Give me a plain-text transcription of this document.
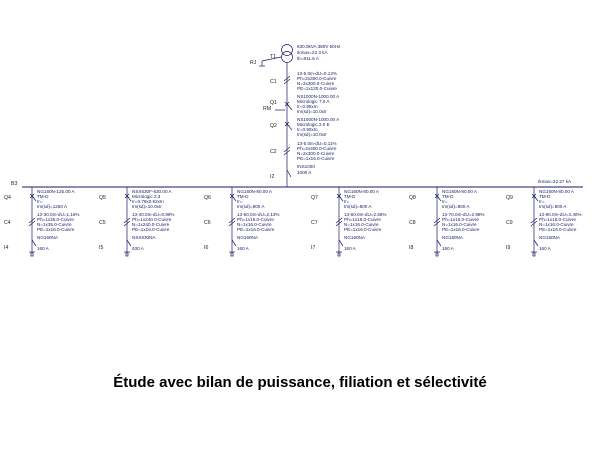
T1
RJ
630.0kVA 380V 50Hz
Ikmax=23.3 kA
Ib=911.5 A
C1
13-5.0m-dU=0.12%
Ph=2x300.0-Cuivre
N=2x300.0-Cuivre
PE=1x120.0-Cuivre
Q1
RM
NS1000N-1000.00 A
Micrologic 7.0 A
Ir=0.95xIn
Im(sd)=10.0xIr
Q2
NS1000N-1000.00 A
Micrologic 2.0 E
Ir=0.90xIn
Im(sd)=10.0xIr
C2
13-5.0m-dU=0.11%
Ph=2x300.0-Cuivre
N=2x300.0-Cuivre
PE=1x16.0-Cuivre
I2
INS1000
1000 A
B3	Ikmax=22.27 kA
Q4
C4
I4
NG160N-125.00 A
TM-D
Ir=
Im(sd)=1250 A
13-30.0m-dU=1.16%
Ph=1x35.0-Cuivre
N=1x35.0-Cuivre
PE=1x16.0-Cuivre
NG160NA
160 A
Q5
C5
I5
NSX630F-630.00 A
Micrologic 2.3
Ir=0.79x0.92xIn
Im(sd)=10.0xIr
13-40.0m-dU=0.99%
Ph=1x240.0-Cuivre
N=1x240.0-Cuivre
PE=1x16.0-Cuivre
NSX630NA
630 A
Q6
C6
I6
NG160N-80.00 A
TM-D
Ir=
Im(sd)=800 A
13-50.0m-dU=2.13%
Ph=1x16.0-Cuivre
N=1x16.0-Cuivre
PE=1x16.0-Cuivre
NG160NA
160 A
Q7
C7
I7
NG160N-80.00 A
TM-D
Ir=
Im(sd)=800 A
13-60.0m-dU=2.56%
Ph=1x16.0-Cuivre
N=1x16.0-Cuivre
PE=1x16.0-Cuivre
NG160NA
160 A
Q8
C8
I8
NG160N-80.00 A
TM-D
Ir=
Im(sd)=800 A
13-70.0m-dU=2.98%
Ph=1x16.0-Cuivre
N=1x16.0-Cuivre
PE=1x16.0-Cuivre
NG160NA
160 A
Q9
C9
I9
NG160N-80.00 A
TM-D
Ir=
Im(sd)=800 A
13-80.0m-dU=3.40%
Ph=1x16.0-Cuivre
N=1x16.0-Cuivre
PE=1x16.0-Cuivre
NG160NA
160 A
Étude avec bilan de puissance, filiation et sélectivité
